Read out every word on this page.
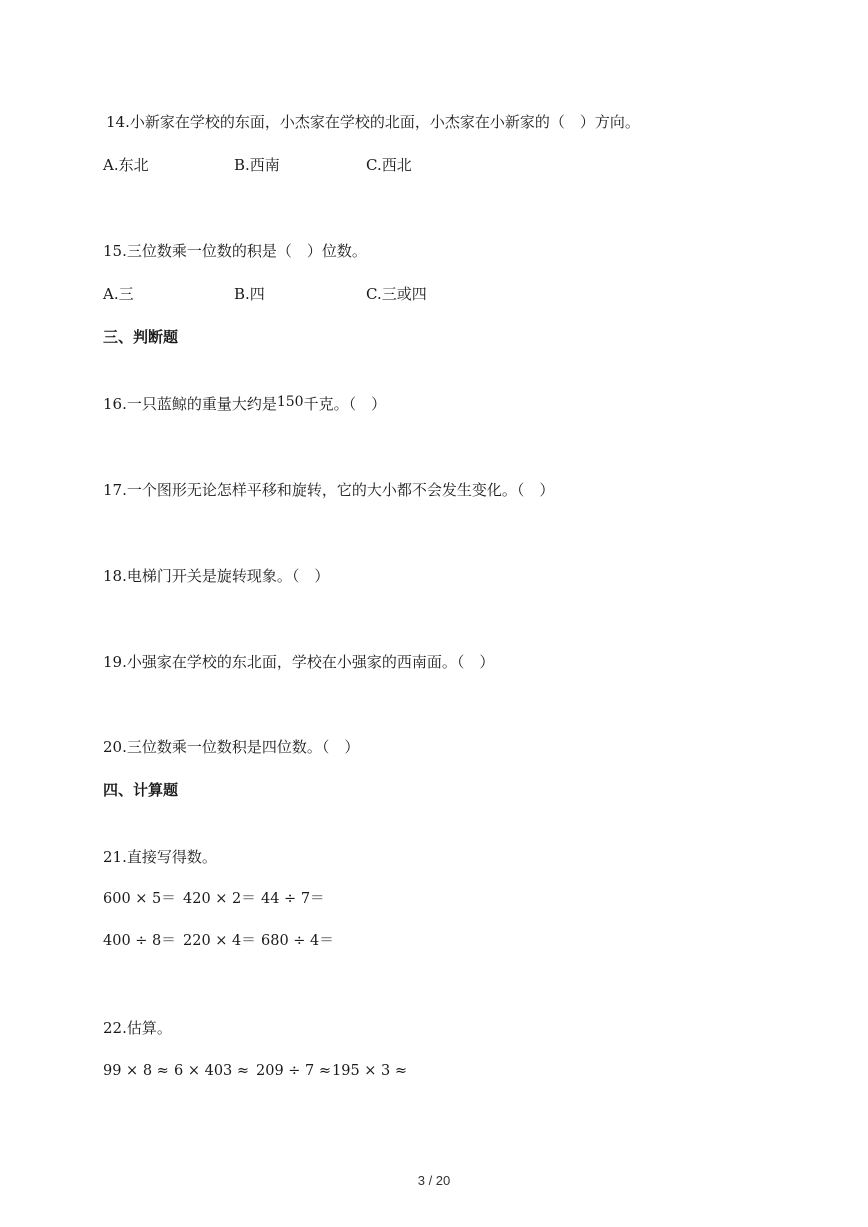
14.小新家在学校的东面，小杰家在学校的北面，小杰家在小新家的（　）方向。
A.东北	B.西南	C.西北
15.三位数乘一位数的积是（　）位数。
A.三	B.四	C.三或四
三、判断题
16.一只蓝鲸的重量大约是150千克。（　）
17.一个图形无论怎样平移和旋转，它的大小都不会发生变化。（　）
18.电梯门开关是旋转现象。（　）
19.小强家在学校的东北面，学校在小强家的西南面。（　）
20.三位数乘一位数积是四位数。（　）
四、计算题
21.直接写得数。
600 × 5＝ 420 × 2＝ 44 ÷ 7＝
400 ÷ 8＝ 220 × 4＝ 680 ÷ 4＝
22.估算。
99 × 8 ≈ 6 × 403 ≈ 209 ÷ 7 ≈195 × 3 ≈
3 / 20
